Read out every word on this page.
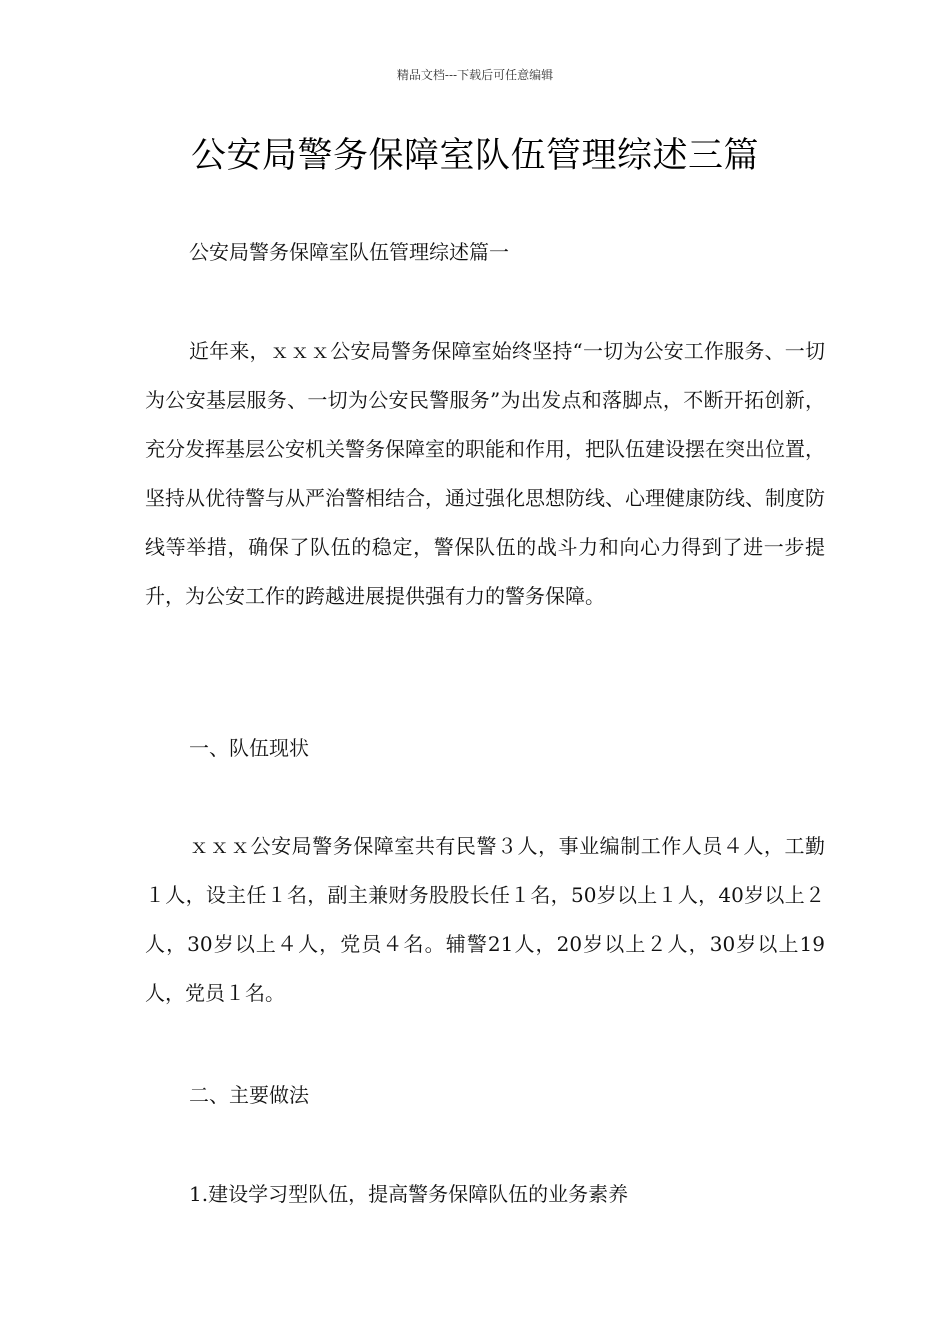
精品文档---下载后可任意编辑
公安局警务保障室队伍管理综述三篇

公安局警务保障室队伍管理综述篇一

近年来，ｘｘｘ公安局警务保障室始终坚持“一切为公安工作服务、一切为公安基层服务、一切为公安民警服务”为出发点和落脚点，不断开拓创新，充分发挥基层公安机关警务保障室的职能和作用，把队伍建设摆在突出位置，坚持从优待警与从严治警相结合，通过强化思想防线、心理健康防线、制度防线等举措，确保了队伍的稳定，警保队伍的战斗力和向心力得到了进一步提升，为公安工作的跨越进展提供强有力的警务保障。

一、队伍现状

ｘｘｘ公安局警务保障室共有民警３人，事业编制工作人员４人，工勤１人，设主任１名，副主兼财务股股长任１名，50岁以上１人，40岁以上２人，30岁以上４人，党员４名。辅警21人，20岁以上２人，30岁以上19人，党员１名。

二、主要做法

1.建设学习型队伍，提高警务保障队伍的业务素养
